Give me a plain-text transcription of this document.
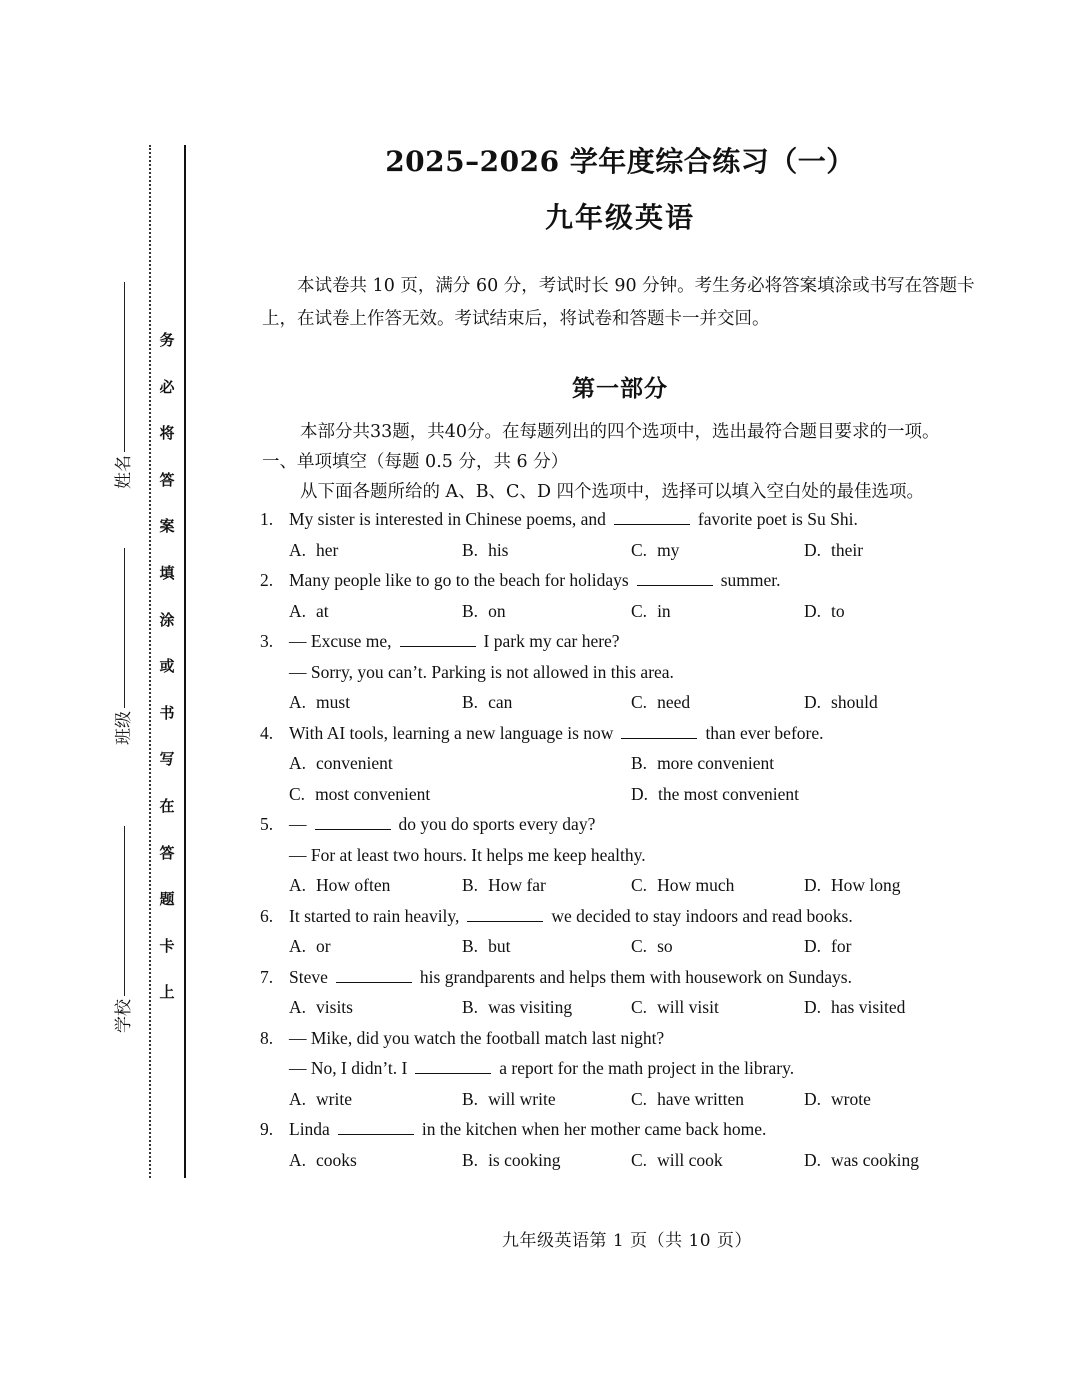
务
必
将
答
案
填
涂
或
书
写
在
答
题
卡
上
姓名
班级
学校
2025–2026 学年度综合练习（一）
九年级英语

本试卷共 10 页，满分 60 分，考试时长 90 分钟。考生务必将答案填涂或书写在答题卡上，在试卷上作答无效。考试结束后，将试卷和答题卡一并交回。

第一部分
本部分共33题，共40分。在每题列出的四个选项中，选出最符合题目要求的一项。
一、单项填空（每题 0.5 分，共 6 分）
从下面各题所给的 A、B、C、D 四个选项中，选择可以填入空白处的最佳选项。
1. My sister is interested in Chinese poems, and	favorite poet is Su Shi.
A. her	B. his	C. my	D. their
2. Many people like to go to the beach for holidays	summer.
A. at	B. on	C. in	D. to
3. — Excuse me,	I park my car here?
— Sorry, you can’t. Parking is not allowed in this area.
A. must	B. can	C. need	D. should
4. With AI tools, learning a new language is now	than ever before.
A. convenient	B. more convenient
C. most convenient	D. the most convenient
5. —	do you do sports every day?
— For at least two hours. It helps me keep healthy.
A. How often	B. How far	C. How much	D. How long
6. It started to rain heavily,	we decided to stay indoors and read books.
A. or	B. but	C. so	D. for
7. Steve	his grandparents and helps them with housework on Sundays.
A. visits	B. was visiting	C. will visit	D. has visited
8. — Mike, did you watch the football match last night?
— No, I didn’t. I	a report for the math project in the library.
A. write	B. will write	C. have written	D. wrote
9. Linda	in the kitchen when her mother came back home.
A. cooks	B. is cooking	C. will cook	D. was cooking
九年级英语第 1 页（共 10 页）
